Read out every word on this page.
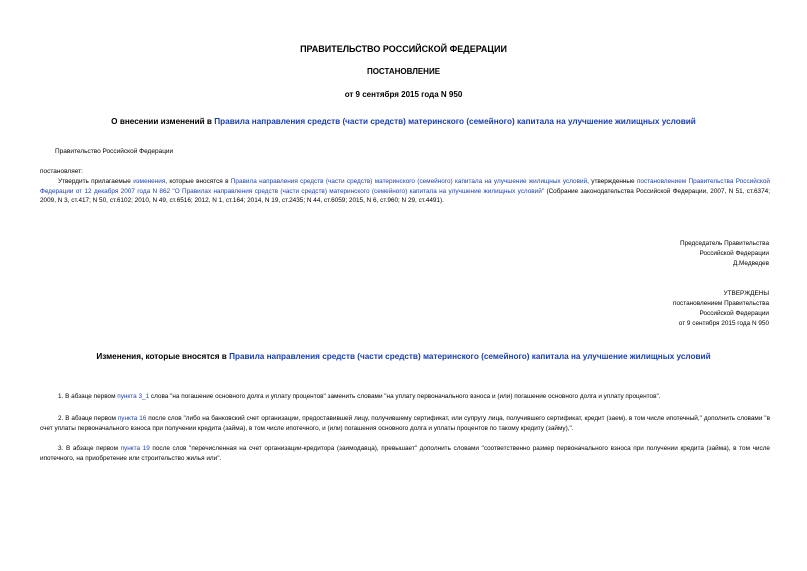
ПРАВИТЕЛЬСТВО РОССИЙСКОЙ ФЕДЕРАЦИИ
ПОСТАНОВЛЕНИЕ
от 9 сентября 2015 года N 950
О внесении изменений в Правила направления средств (части средств) материнского (семейного) капитала на улучшение жилищных условий
Правительство Российской Федерации
постановляет:
Утвердить прилагаемые изменения, которые вносятся в Правила направления средств (части средств) материнского (семейного) капитала на улучшение жилищных условий, утвержденные постановлением Правительства Российской Федерации от 12 декабря 2007 года N 862 "О Правилах направления средств (части средств) материнского (семейного) капитала на улучшение жилищных условий" (Собрание законодательства Российской Федерации, 2007, N 51, ст.6374; 2009, N 3, ст.417; N 50, ст.6102; 2010, N 49, ст.6516; 2012, N 1, ст.164; 2014, N 19, ст.2435; N 44, ст.6059; 2015, N 6, ст.960; N 29, ст.4491).
Председатель Правительства
Российской Федерации
Д.Медведев
УТВЕРЖДЕНЫ
постановлением Правительства
Российской Федерации
от 9 сентября 2015 года N 950
Изменения, которые вносятся в Правила направления средств (части средств) материнского (семейного) капитала на улучшение жилищных условий
1. В абзаце первом пункта 3_1 слова "на погашение основного долга и уплату процентов" заменить словами "на уплату первоначального взноса и (или) погашение основного долга и уплату процентов".
2. В абзаце первом пункта 16 после слов "либо на банковский счет организации, предоставившей лицу, получившему сертификат, или супругу лица, получившего сертификат, кредит (заем), в том числе ипотечный," дополнить словами "в счет уплаты первоначального взноса при получении кредита (займа), в том числе ипотечного, и (или) погашения основного долга и уплаты процентов по такому кредиту (займу),".
3. В абзаце первом пункта 19 после слов "перечисленная на счет организации-кредитора (заимодавца), превышает" дополнить словами "соответственно размер первоначального взноса при получении кредита (займа), в том числе ипотечного, на приобретение или строительство жилья или".
